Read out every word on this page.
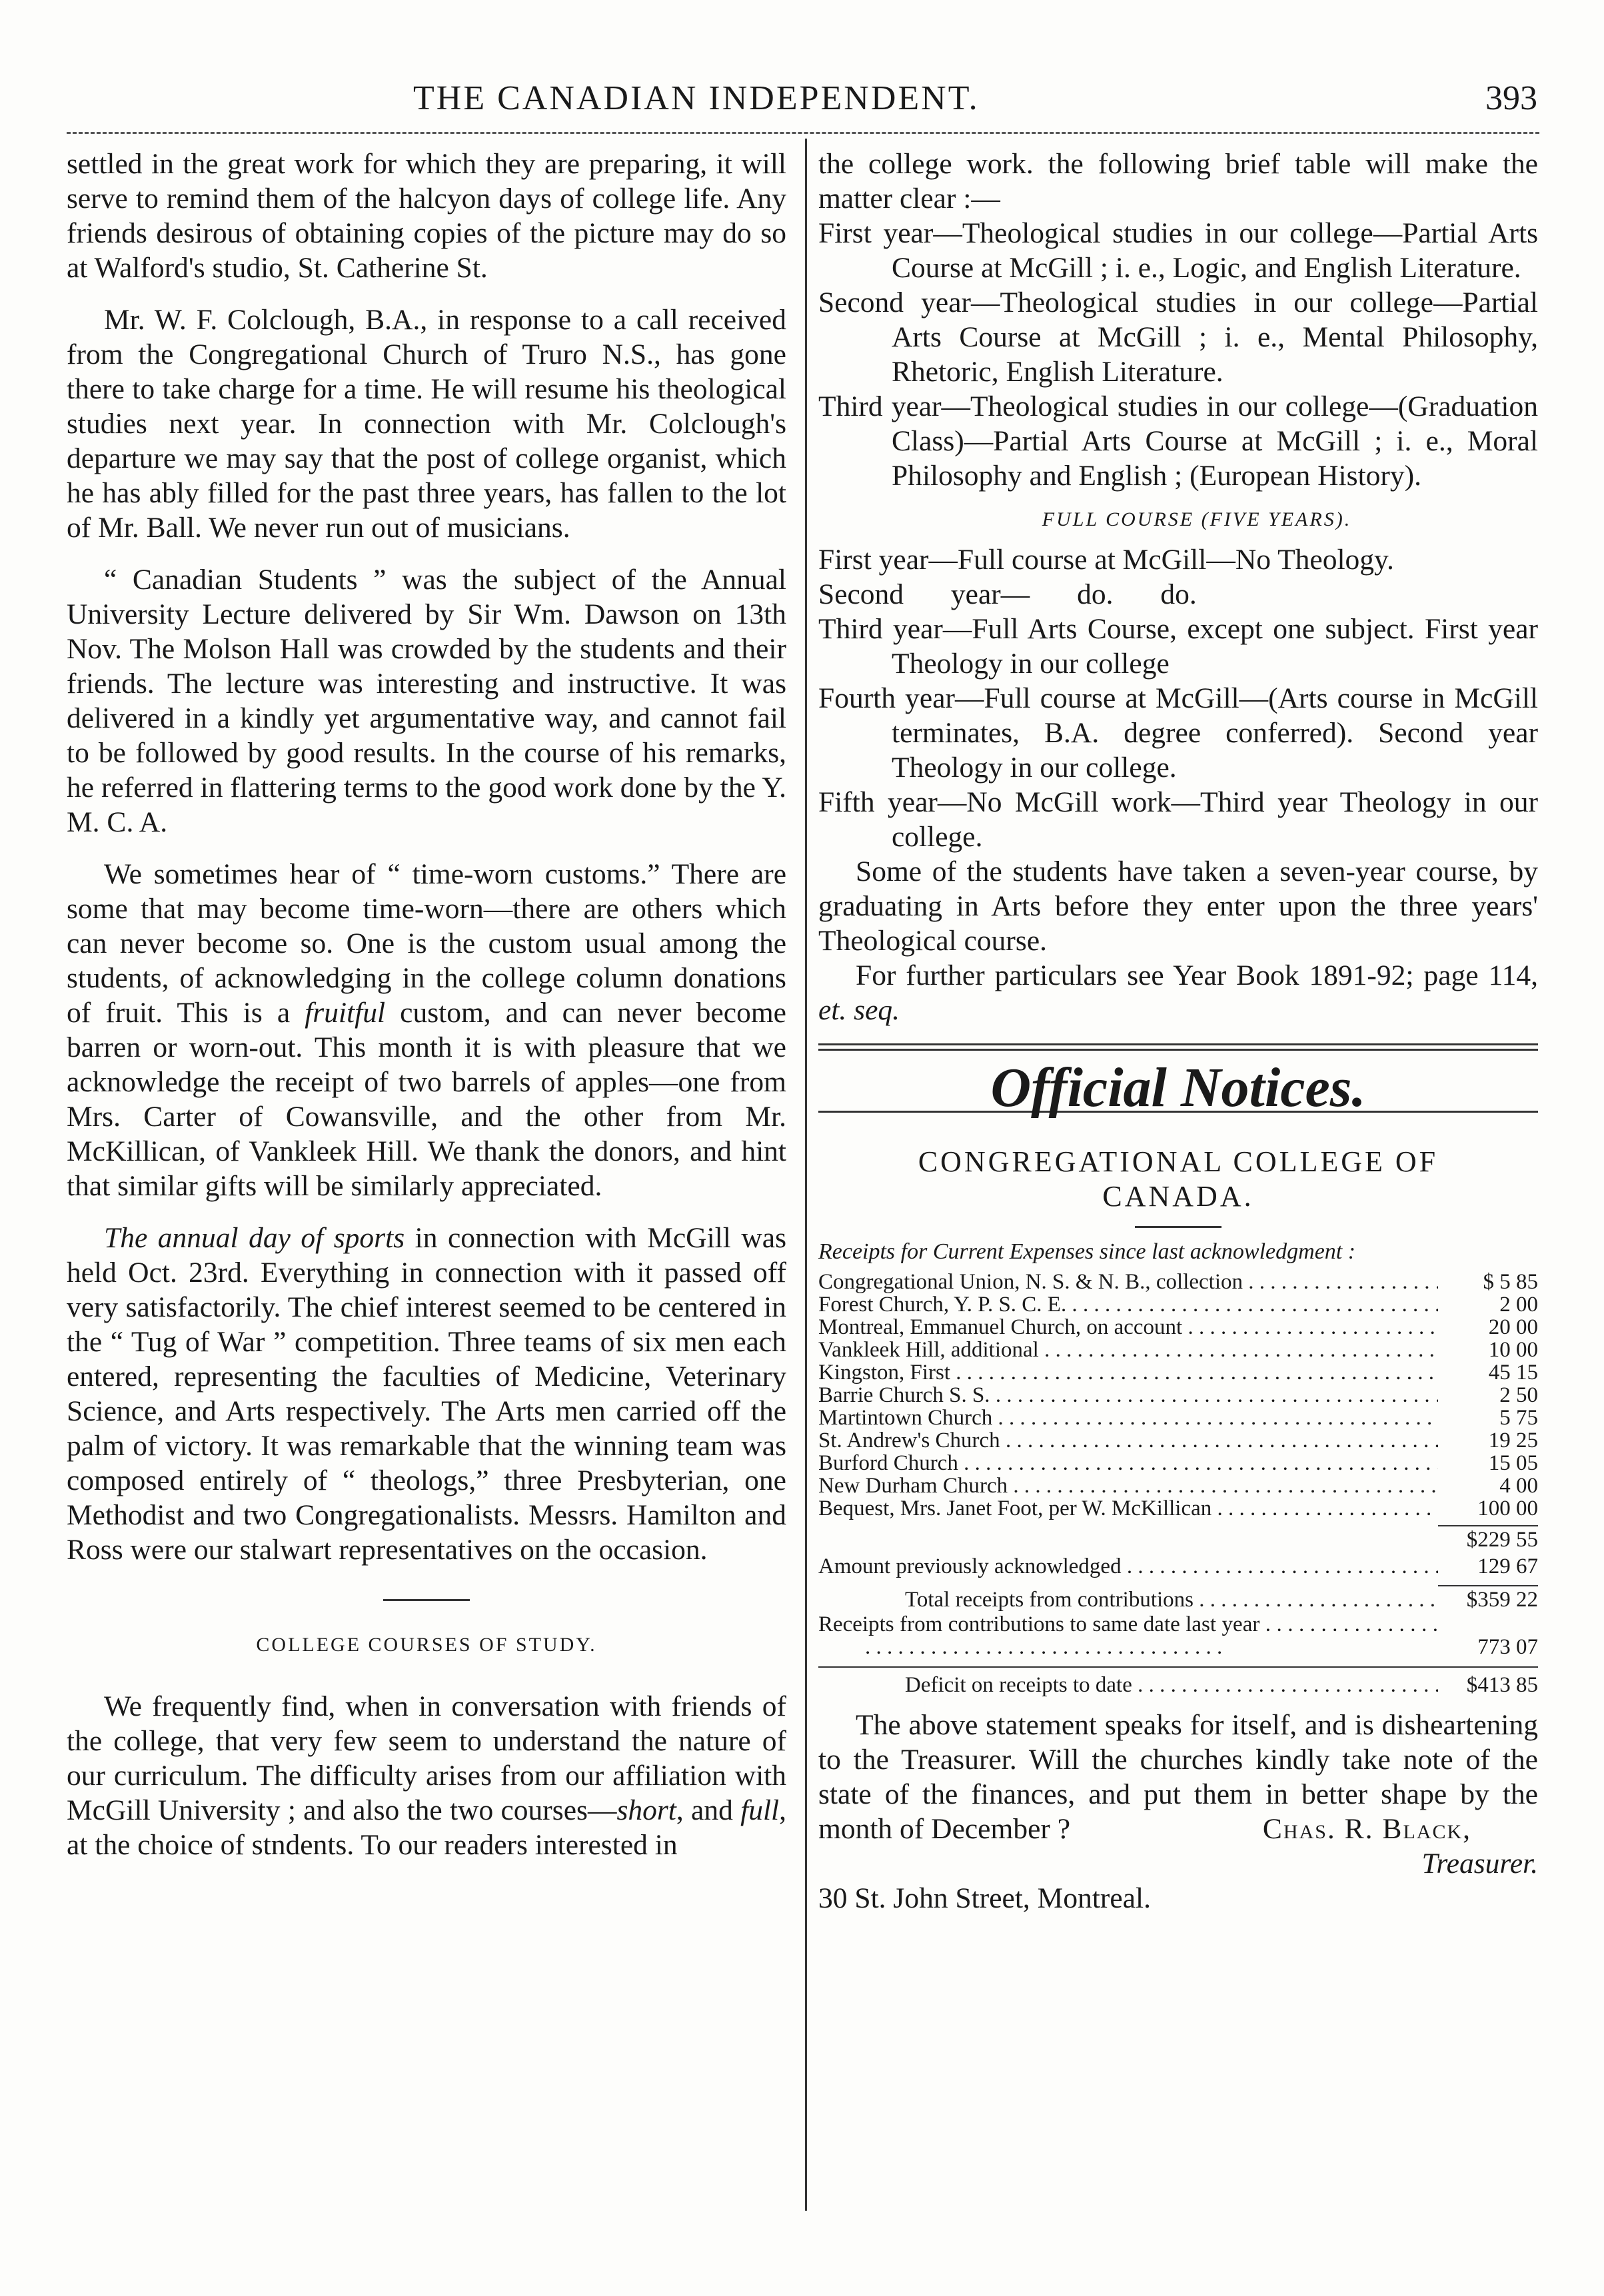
THE CANADIAN INDEPENDENT.	393

settled in the great work for which they are preparing, it will serve to remind them of the halcyon days of college life. Any friends desirous of obtaining copies of the picture may do so at Walford's studio, St. Catherine St.

Mr. W. F. Colclough, B.A., in response to a call received from the Congregational Church of Truro N.S., has gone there to take charge for a time. He will resume his theological studies next year. In connection with Mr. Colclough's departure we may say that the post of college organist, which he has ably filled for the past three years, has fallen to the lot of Mr. Ball. We never run out of musicians.

“ Canadian Students ” was the subject of the Annual University Lecture delivered by Sir Wm. Dawson on 13th Nov. The Molson Hall was crowded by the students and their friends. The lecture was interesting and instructive. It was delivered in a kindly yet argumentative way, and cannot fail to be followed by good results. In the course of his remarks, he referred in flattering terms to the good work done by the Y. M. C. A.

We sometimes hear of “ time-worn customs.” There are some that may become time-worn—there are others which can never become so. One is the custom usual among the students, of acknowledging in the college column donations of fruit. This is a fruitful custom, and can never become barren or worn-out. This month it is with pleasure that we acknowledge the receipt of two barrels of apples—one from Mrs. Carter of Cowansville, and the other from Mr. McKillican, of Vankleek Hill. We thank the donors, and hint that similar gifts will be similarly appreciated.

The annual day of sports in connection with McGill was held Oct. 23rd. Everything in connection with it passed off very satisfactorily. The chief interest seemed to be centered in the “ Tug of War ” competition. Three teams of six men each entered, representing the faculties of Medicine, Veterinary Science, and Arts respectively. The Arts men carried off the palm of victory. It was remarkable that the winning team was composed entirely of “ theologs,” three Presbyterian, one Methodist and two Congregationalists. Messrs. Hamilton and Ross were our stalwart representatives on the occasion.

COLLEGE COURSES OF STUDY.

We frequently find, when in conversation with friends of the college, that very few seem to understand the nature of our curriculum. The difficulty arises from our affiliation with McGill University ; and also the two courses—short, and full, at the choice of stndents. To our readers interested in

the college work. the following brief table will make the matter clear :—

First year—Theological studies in our college—Partial Arts Course at McGill ; i. e., Logic, and English Literature.

Second year—Theological studies in our college—Partial Arts Course at McGill ; i. e., Mental Philosophy, Rhetoric, English Literature.

Third year—Theological studies in our college—(Graduation Class)—Partial Arts Course at McGill ; i. e., Moral Philosophy and English ; (European History).

FULL COURSE (FIVE YEARS).

First year—Full course at McGill—No Theology.

Second year— do. do.

Third year—Full Arts Course, except one subject. First year Theology in our college

Fourth year—Full course at McGill—(Arts course in McGill terminates, B.A. degree conferred). Second year Theology in our college.

Fifth year—No McGill work—Third year Theology in our college.

Some of the students have taken a seven-year course, by graduating in Arts before they enter upon the three years' Theological course.

For further particulars see Year Book 1891-92; page 114, et. seq.

Official Notices.
CONGREGATIONAL COLLEGE OF
CANADA.
Receipts for Current Expenses since last acknowledgment :
Congregational Union, N. S. & N. B., collection . . .	$ 5 85
Forest Church, Y. P. S. C. E. . . .	2 00
Montreal, Emmanuel Church, on account . . .	20 00
Vankleek Hill, additional . . .	10 00
Kingston, First . . .	45 15
Barrie Church S. S. . . .	2 50
Martintown Church . . .	5 75
St. Andrew's Church . . .	19 25
Burford Church . . .	15 05
New Durham Church . . .	4 00
Bequest, Mrs. Janet Foot, per W. McKillican . . .	100 00
$229 55
Amount previously acknowledged . . .	129 67
Total receipts from contributions . . .	$359 22
Receipts from contributions to same date last year . . .
773 07
Deficit on receipts to date . . .	$413 85

The above statement speaks for itself, and is disheartening to the Treasurer. Will the churches kindly take note of the state of the finances, and put them in better shape by the month of December ?	Chas. R. Black,

Treasurer.

30 St. John Street, Montreal.
